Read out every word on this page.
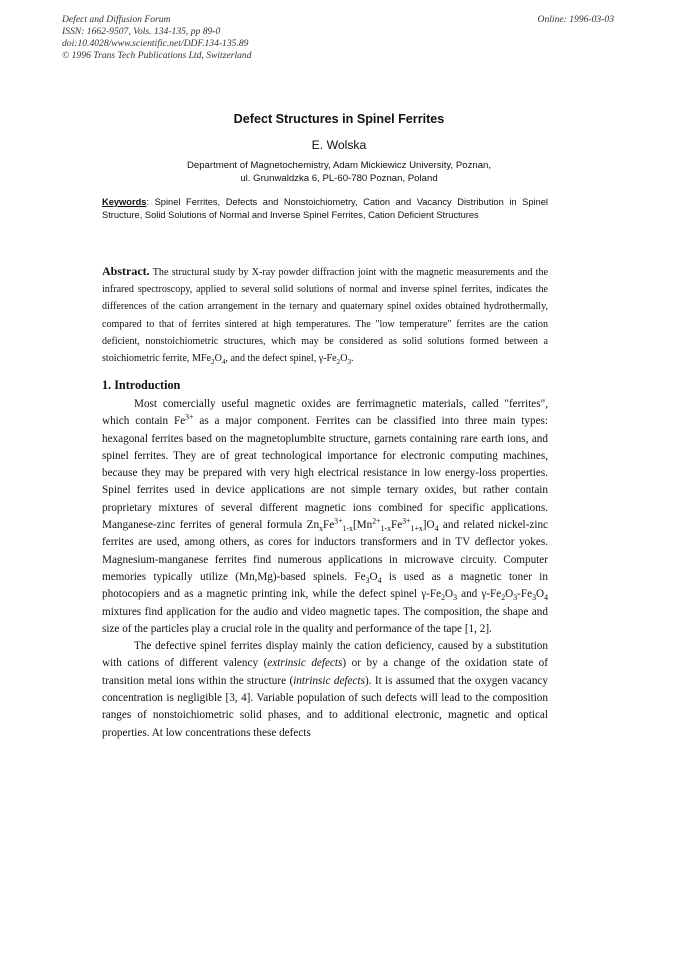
Defect and Diffusion Forum
ISSN: 1662-9507, Vols. 134-135, pp 89-0
doi:10.4028/www.scientific.net/DDF.134-135.89
© 1996 Trans Tech Publications Ltd, Switzerland
Online: 1996-03-03
Defect Structures in Spinel Ferrites
E. Wolska
Department of Magnetochemistry, Adam Mickiewicz University, Poznan,
ul. Grunwaldzka 6, PL-60-780 Poznan, Poland
Keywords: Spinel Ferrites, Defects and Nonstoichiometry, Cation and Vacancy Distribution in Spinel Structure, Solid Solutions of Normal and Inverse Spinel Ferrites, Cation Deficient Structures
Abstract. The structural study by X-ray powder diffraction joint with the magnetic measurements and the infrared spectroscopy, applied to several solid solutions of normal and inverse spinel ferrites, indicates the differences of the cation arrangement in the ternary and quaternary spinel oxides obtained hydrothermally, compared to that of ferrites sintered at high temperatures. The "low temperature" ferrites are the cation deficient, nonstoichiometric structures, which may be considered as solid solutions formed between a stoichiometric ferrite, $MFe_2O_4$, and the defect spinel, $\gamma-Fe_2O_3$.
1. Introduction

Most comercially useful magnetic oxides are ferrimagnetic materials, called "ferrites", which contain $Fe^{3+}$ as a major component. Ferrites can be classified into three main types: hexagonal ferrites based on the magnetoplumbite structure, garnets containing rare earth ions, and spinel ferrites. They are of great technological importance for electronic computing machines, because they may be prepared with very high electrical resistance in low energy-loss properties. Spinel ferrites used in device applications are not simple ternary oxides, but rather contain proprietary mixtures of several different magnetic ions combined for specific applications. Manganese-zinc ferrites of general formula $Zn_xFe^{3+}_{1-x}[Mn^{2+}_{1-x}Fe^{3+}_{1+x}]O_4$ and related nickel-zinc ferrites are used, among others, as cores for inductors transformers and in TV deflector yokes. Magnesium-manganese ferrites find numerous applications in microwave circuity. Computer memories typically utilize (Mn,Mg)-based spinels. $Fe_3O_4$ is used as a magnetic toner in photocopiers and as a magnetic printing ink, while the defect spinel $\gamma-Fe_2O_3$ and $\gamma-Fe_2O_3-Fe_3O_4$ mixtures find application for the audio and video magnetic tapes. The composition, the shape and size of the particles play a crucial role in the quality and performance of the tape [1, 2].

The defective spinel ferrites display mainly the cation deficiency, caused by a substitution with cations of different valency (extrinsic defects) or by a change of the oxidation state of transition metal ions within the structure (intrinsic defects). It is assumed that the oxygen vacancy concentration is negligible [3, 4]. Variable population of such defects will lead to the composition ranges of nonstoichiometric solid phases, and to additional electronic, magnetic and optical properties. At low concentrations these defects
